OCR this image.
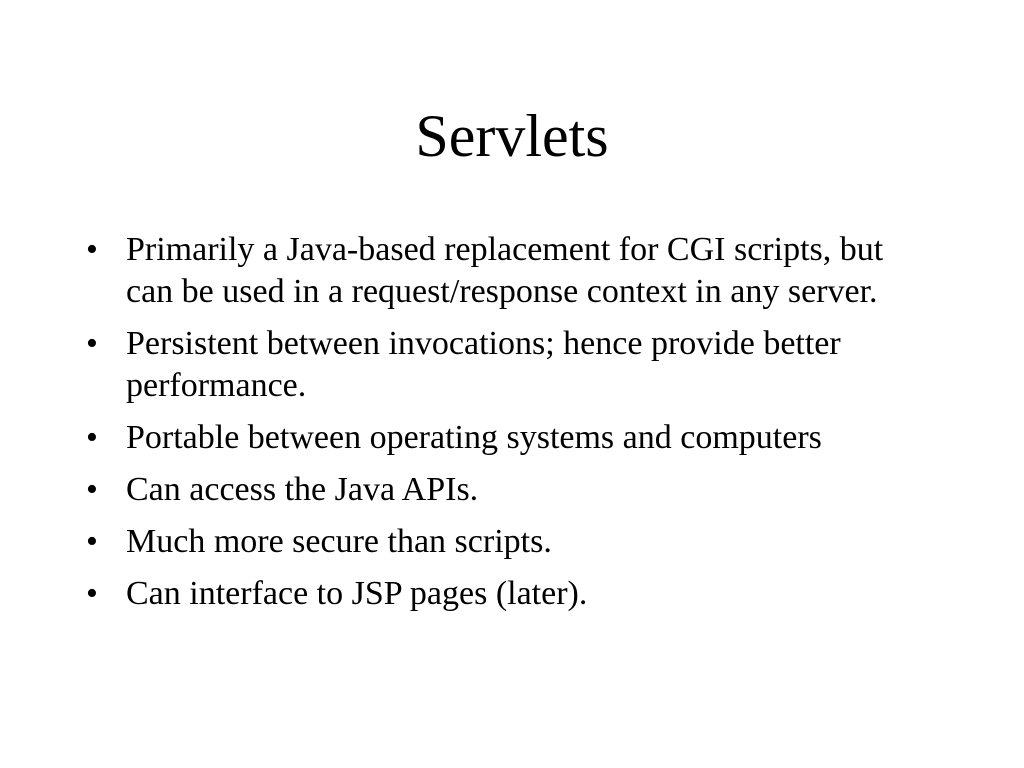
Servlets
• Primarily a Java-based replacement for CGI scripts, but can be used in a request/response context in any server.
• Persistent between invocations; hence provide better performance.
• Portable between operating systems and computers
• Can access the Java APIs.
• Much more secure than scripts.
• Can interface to JSP pages (later).
